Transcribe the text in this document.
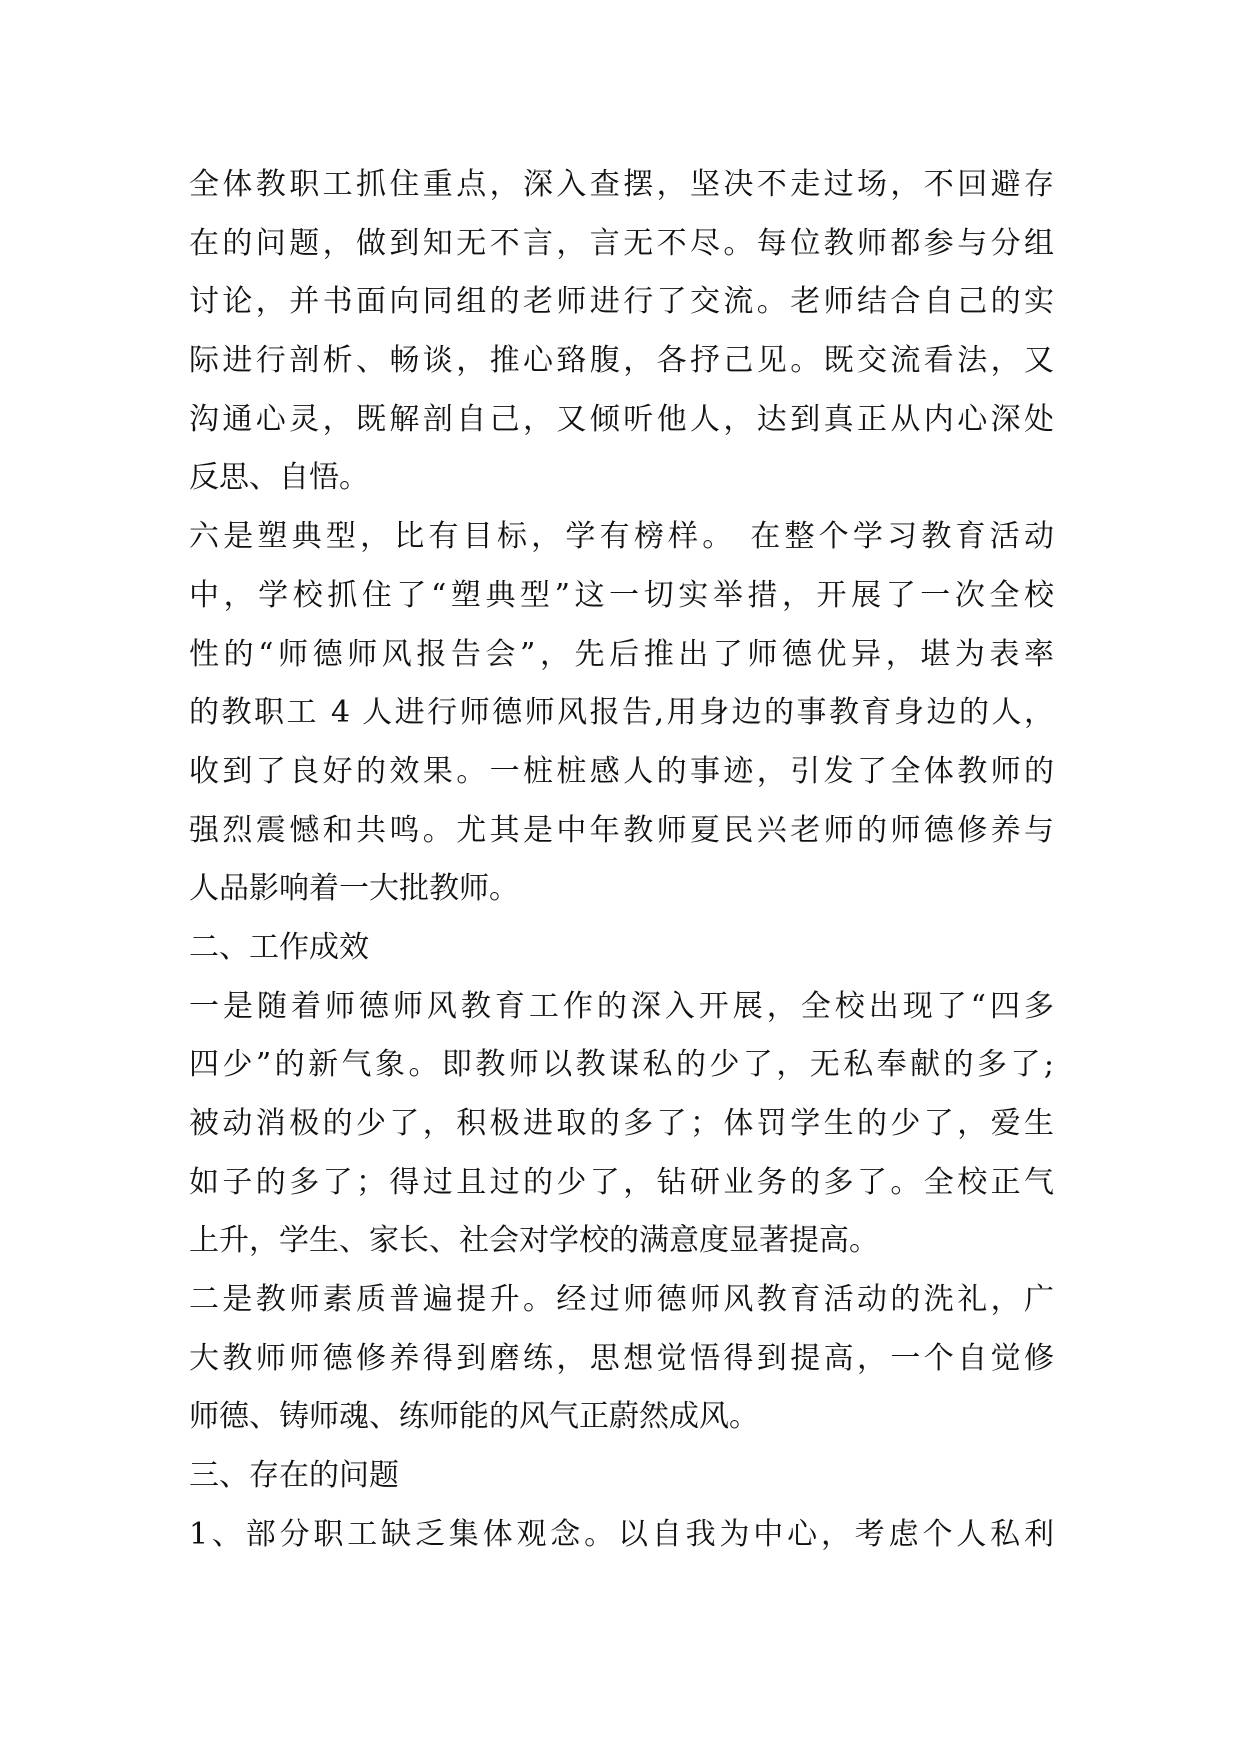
全体教职工抓住重点，深入查摆，坚决不走过场，不回避存
在的问题，做到知无不言，言无不尽。每位教师都参与分组
讨论，并书面向同组的老师进行了交流。老师结合自己的实
际进行剖析、畅谈，推心臵腹，各抒己见。既交流看法，又
沟通心灵，既解剖自己，又倾听他人，达到真正从内心深处
反思、自悟。
六是塑典型，比有目标，学有榜样。 在整个学习教育活动
中，学校抓住了“塑典型”这一切实举措，开展了一次全校
性的“师德师风报告会”，先后推出了师德优异，堪为表率
的教职工 4 人进行师德师风报告,用身边的事教育身边的人，
收到了良好的效果。一桩桩感人的事迹，引发了全体教师的
强烈震憾和共鸣。尤其是中年教师夏民兴老师的师德修养与
人品影响着一大批教师。
二、工作成效
一是随着师德师风教育工作的深入开展，全校出现了“四多
四少”的新气象。即教师以教谋私的少了，无私奉献的多了;
被动消极的少了，积极进取的多了；体罚学生的少了，爱生
如子的多了；得过且过的少了，钻研业务的多了。全校正气
上升，学生、家长、社会对学校的满意度显著提高。
二是教师素质普遍提升。经过师德师风教育活动的洗礼，广
大教师师德修养得到磨练，思想觉悟得到提高，一个自觉修
师德、铸师魂、练师能的风气正蔚然成风。
三、存在的问题
1、部分职工缺乏集体观念。以自我为中心，考虑个人私利
